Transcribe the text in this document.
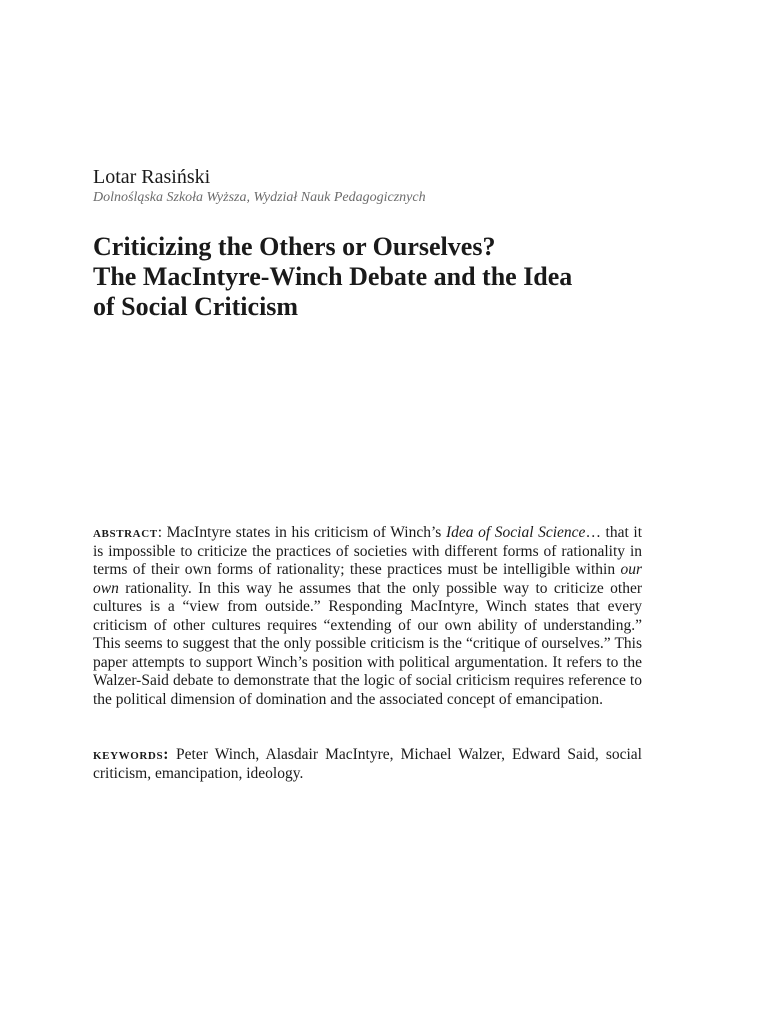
Lotar Rasiński

Dolnośląska Szkoła Wyższa, Wydział Nauk Pedagogicznych

Criticizing the Others or Ourselves?
The MacIntyre-Winch Debate and the Idea
of Social Criticism

abstract: MacIntyre states in his criticism of Winch’s Idea of Social Science… that it is impossible to criticize the practices of societies with different forms of rationality in terms of their own forms of rationality; these practices must be intelligible within our own rationality. In this way he assumes that the only possible way to criticize other cultures is a “view from outside.” Responding MacIntyre, Winch states that every criticism of other cultures requires “extending of our own ability of understanding.” This seems to suggest that the only possible criticism is the “critique of ourselves.” This paper attempts to support Winch’s position with political argumentation. It refers to the Walzer-Said debate to demonstrate that the logic of social criticism requires reference to the political dimension of domination and the associated concept of emancipation.

keywords: Peter Winch, Alasdair MacIntyre, Michael Walzer, Edward Said, social criticism, emancipation, ideology.
